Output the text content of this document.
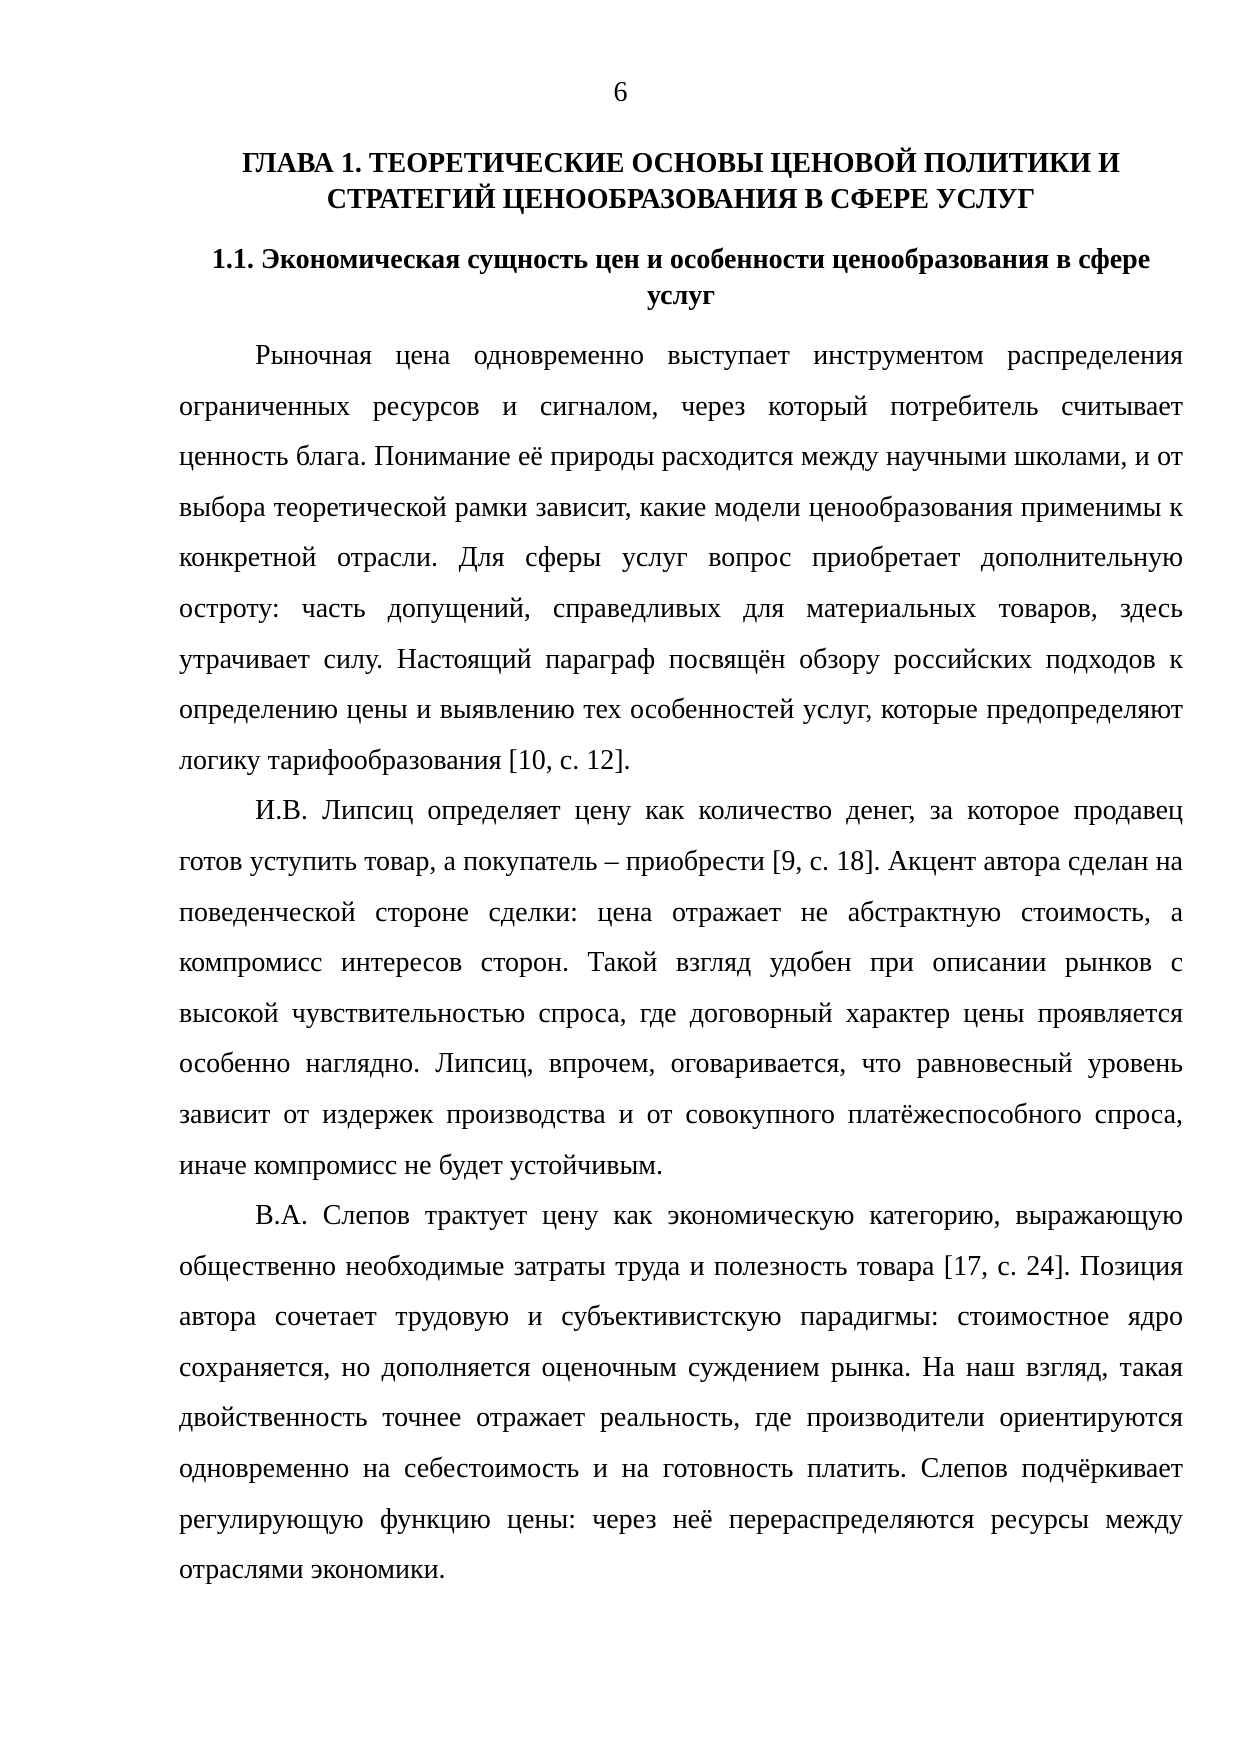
6
ГЛАВА 1. ТЕОРЕТИЧЕСКИЕ ОСНОВЫ ЦЕНОВОЙ ПОЛИТИКИ И
СТРАТЕГИЙ ЦЕНООБРАЗОВАНИЯ В СФЕРЕ УСЛУГ
1.1. Экономическая сущность цен и особенности ценообразования в сфере
услуг

Рыночная цена одновременно выступает инструментом распределения ограниченных ресурсов и сигналом, через который потребитель считывает ценность блага. Понимание её природы расходится между научными школами, и от выбора теоретической рамки зависит, какие модели ценообразования применимы к конкретной отрасли. Для сферы услуг вопрос приобретает дополнительную остроту: часть допущений, справедливых для материальных товаров, здесь утрачивает силу. Настоящий параграф посвящён обзору российских подходов к определению цены и выявлению тех особенностей услуг, которые предопределяют логику тарифообразования [10, с. 12].

И.В. Липсиц определяет цену как количество денег, за которое продавец готов уступить товар, а покупатель – приобрести [9, с. 18]. Акцент автора сделан на поведенческой стороне сделки: цена отражает не абстрактную стоимость, а компромисс интересов сторон. Такой взгляд удобен при описании рынков с высокой чувствительностью спроса, где договорный характер цены проявляется особенно наглядно. Липсиц, впрочем, оговаривается, что равновесный уровень зависит от издержек производства и от совокупного платёжеспособного спроса, иначе компромисс не будет устойчивым.

В.А. Слепов трактует цену как экономическую категорию, выражающую общественно необходимые затраты труда и полезность товара [17, с. 24]. Позиция автора сочетает трудовую и субъективистскую парадигмы: стоимостное ядро сохраняется, но дополняется оценочным суждением рынка. На наш взгляд, такая двойственность точнее отражает реальность, где производители ориентируются одновременно на себестоимость и на готовность платить. Слепов подчёркивает регулирующую функцию цены: через неё перераспределяются ресурсы между отраслями экономики.
